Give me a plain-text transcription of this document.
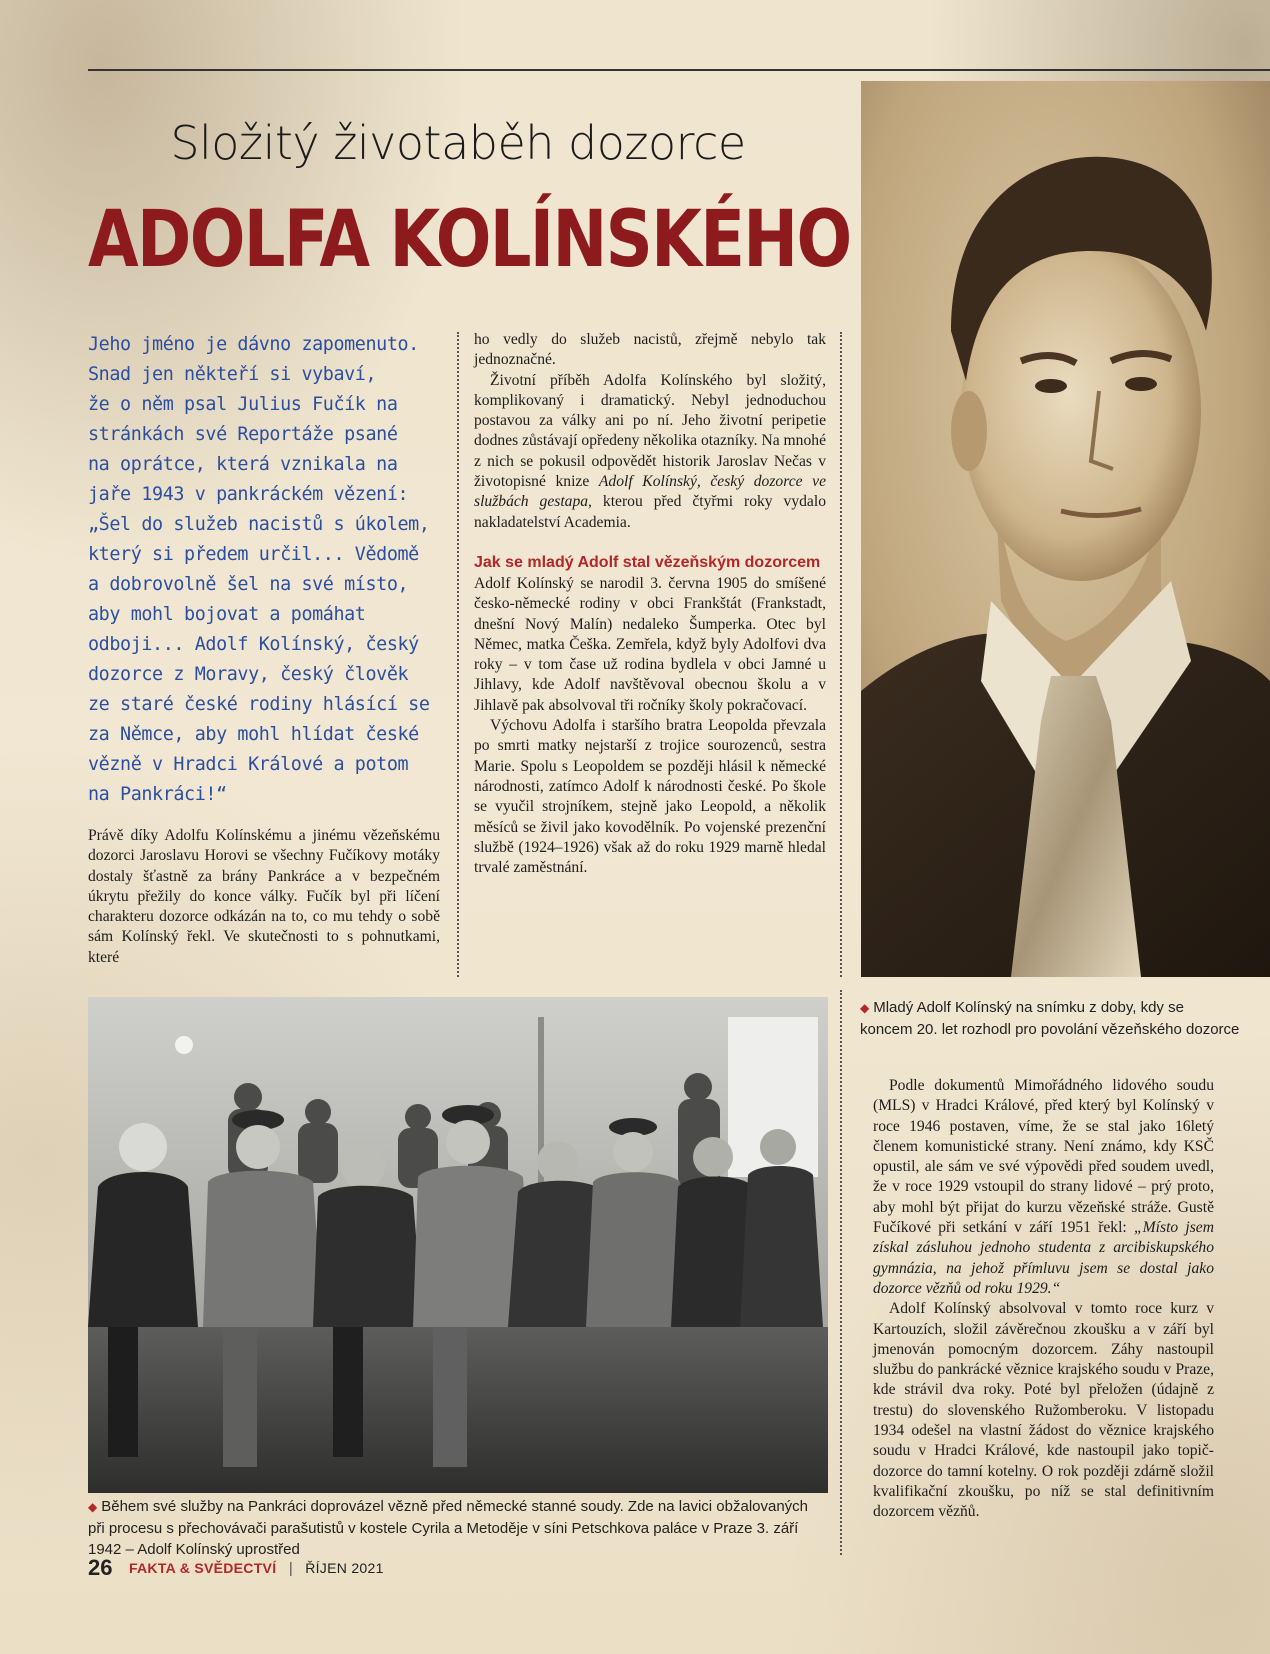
Složitý životaběh dozorce
ADOLFA KOLÍNSKÉHO

Jeho jméno je dávno zapomenuto.
Snad jen někteří si vybaví,
že o něm psal Julius Fučík na
stránkách své Reportáže psané
na oprátce, která vznikala na
jaře 1943 v pankráckém vězení:
„Šel do služeb nacistů s úkolem,
který si předem určil... Vědomě
a dobrovolně šel na své místo,
aby mohl bojovat a pomáhat
odboji... Adolf Kolínský, český
dozorce z Moravy, český člověk
ze staré české rodiny hlásící se
za Němce, aby mohl hlídat české
vězně v Hradci Králové a potom
na Pankráci!“

Právě díky Adolfu Kolínskému a jinému vězeňskému dozorci Jaroslavu Horovi se všechny Fučíkovy motáky dostaly šťastně za brány Pankráce a v bezpečném úkrytu přežily do konce války. Fučík byl při líčení charakteru dozorce odkázán na to, co mu tehdy o sobě sám Kolínský řekl. Ve skutečnosti to s pohnutkami, které

ho vedly do služeb nacistů, zřejmě nebylo tak jednoznačné.

Životní příběh Adolfa Kolínského byl složitý, komplikovaný i dramatický. Nebyl jednoduchou postavou za války ani po ní. Jeho životní peripetie dodnes zůstávají opředeny několika otazníky. Na mnohé z nich se pokusil odpovědět historik Jaroslav Nečas v životopisné knize Adolf Kolínský, český dozorce ve službách gestapa, kterou před čtyřmi roky vydalo nakladatelství Academia.

Jak se mladý Adolf stal vězeňským dozorcem

Adolf Kolínský se narodil 3. června 1905 do smíšené česko-německé rodiny v obci Frankštát (Frankstadt, dnešní Nový Malín) nedaleko Šumperka. Otec byl Němec, matka Češka. Zemřela, když byly Adolfovi dva roky – v tom čase už rodina bydlela v obci Jamné u Jihlavy, kde Adolf navštěvoval obecnou školu a v Jihlavě pak absolvoval tři ročníky školy pokračovací.

Výchovu Adolfa i staršího bratra Leopolda převzala po smrti matky nejstarší z trojice sourozenců, sestra Marie. Spolu s Leopoldem se později hlásil k německé národnosti, zatímco Adolf k národnosti české. Po škole se vyučil strojníkem, stejně jako Leopold, a několik měsíců se živil jako kovodělník. Po vojenské prezenční službě (1924–1926) však až do roku 1929 marně hledal trvalé zaměstnání.

◆ Mladý Adolf Kolínský na snímku z doby, kdy se koncem 20. let rozhodl pro povolání vězeňského dozorce

Podle dokumentů Mimořádného lidového soudu (MLS) v Hradci Králové, před který byl Kolínský v roce 1946 postaven, víme, že se stal jako 16letý členem komunistické strany. Není známo, kdy KSČ opustil, ale sám ve své výpovědi před soudem uvedl, že v roce 1929 vstoupil do strany lidové – prý proto, aby mohl být přijat do kurzu vězeňské stráže. Gustě Fučíkové při setkání v září 1951 řekl: „Místo jsem získal zásluhou jednoho studenta z arcibiskupského gymnázia, na jehož přímluvu jsem se dostal jako dozorce vězňů od roku 1929.“

Adolf Kolínský absolvoval v tomto roce kurz v Kartouzích, složil závěrečnou zkoušku a v září byl jmenován pomocným dozorcem. Záhy nastoupil službu do pankrácké věznice krajského soudu v Praze, kde strávil dva roky. Poté byl přeložen (údajně z trestu) do slovenského Ružomberoku. V listopadu 1934 odešel na vlastní žádost do věznice krajského soudu v Hradci Králové, kde nastoupil jako topič-dozorce do tamní kotelny. O rok později zdárně složil kvalifikační zkoušku, po níž se stal definitivním dozorcem vězňů.

◆ Během své služby na Pankráci doprovázel vězně před německé stanné soudy. Zde na lavici obžalovaných při procesu s přechovávači parašutistů v kostele Cyrila a Metoděje v síni Petschkova paláce v Praze 3. září 1942 – Adolf Kolínský uprostřed
26 FAKTA & SVĚDECTVÍ | ŘÍJEN 2021
